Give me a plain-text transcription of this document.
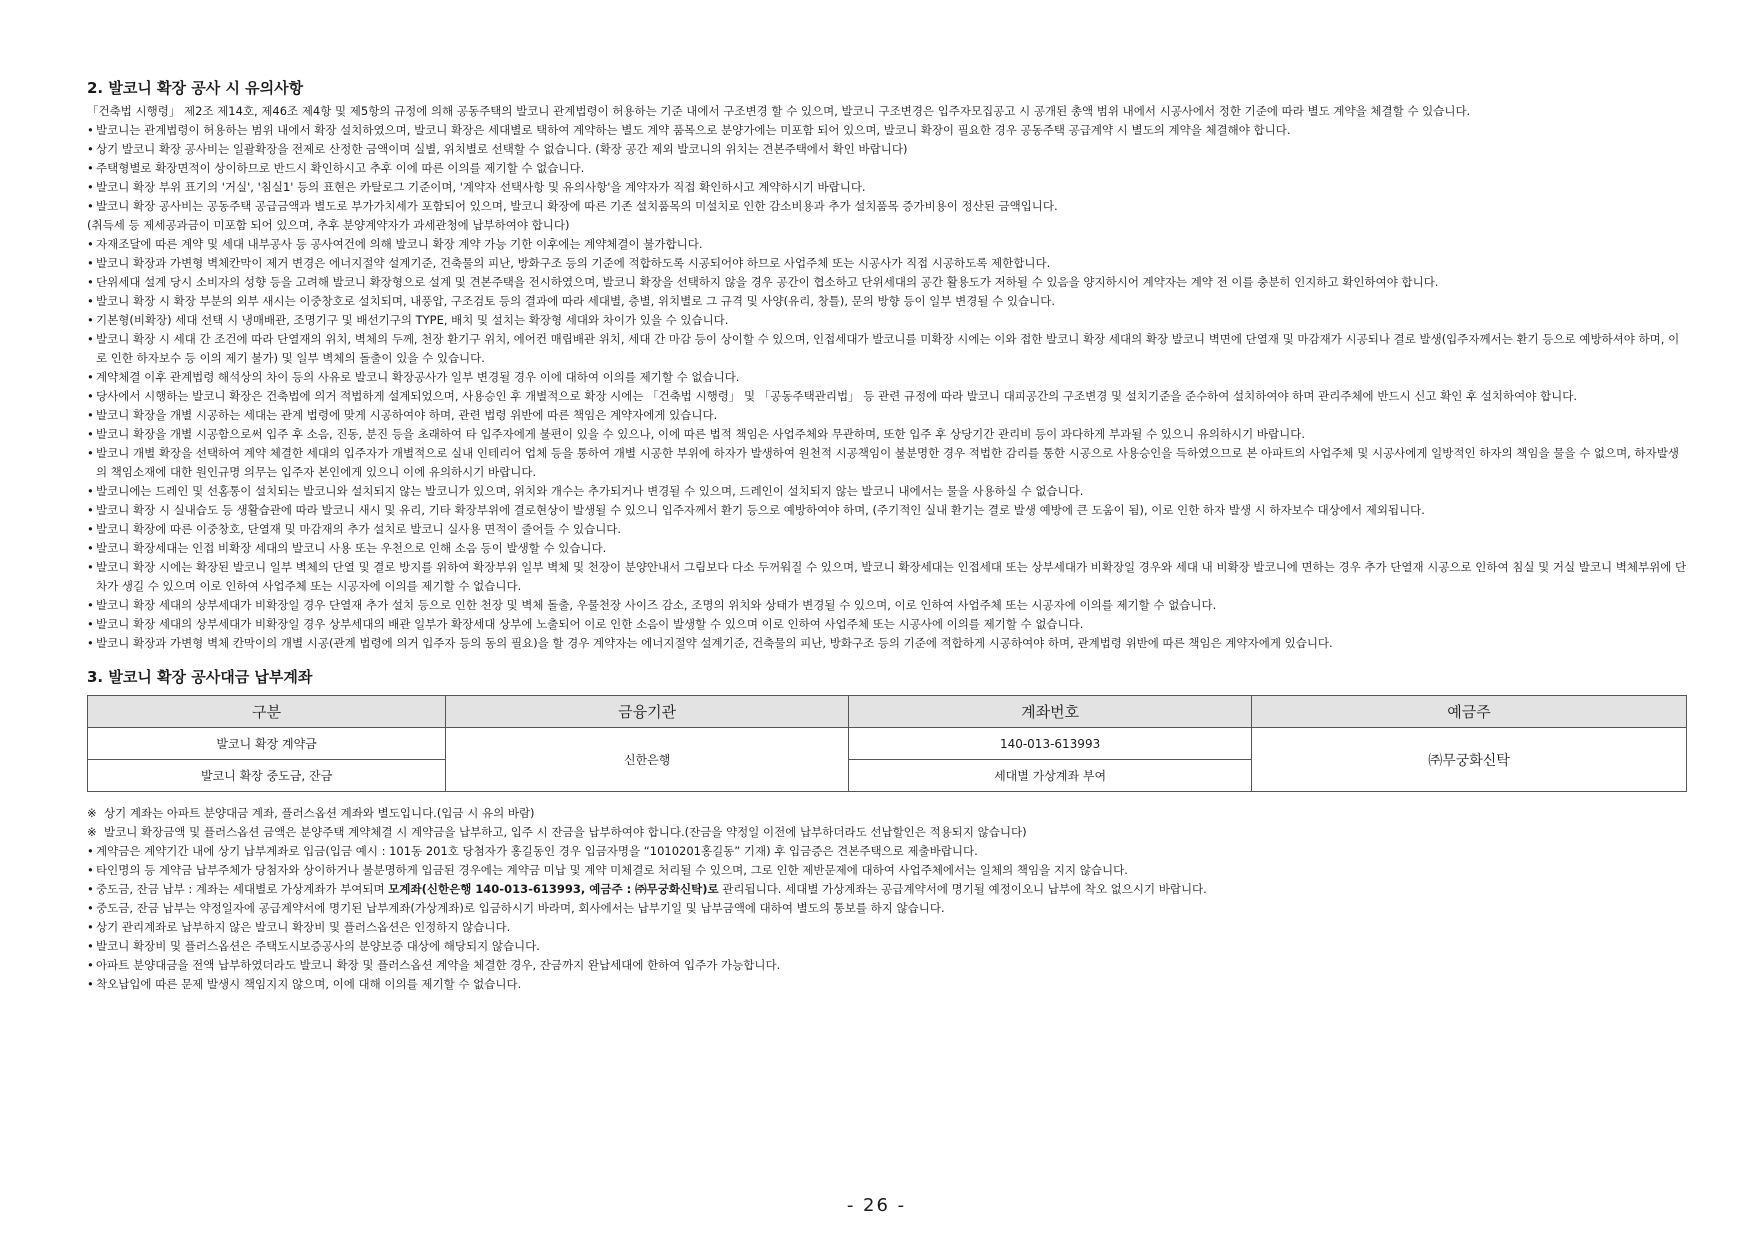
2. 발코니 확장 공사 시 유의사항

「건축법 시행령」 제2조 제14호, 제46조 제4항 및 제5항의 규정에 의해 공동주택의 발코니 관계법령이 허용하는 기준 내에서 구조변경 할 수 있으며, 발코니 구조변경은 입주자모집공고 시 공개된 총액 범위 내에서 시공사에서 정한 기준에 따라 별도 계약을 체결할 수 있습니다.

• 발코니는 관계법령이 허용하는 범위 내에서 확장 설치하였으며, 발코니 확장은 세대별로 택하여 계약하는 별도 계약 품목으로 분양가에는 미포함 되어 있으며, 발코니 확장이 필요한 경우 공동주택 공급계약 시 별도의 계약을 체결해야 합니다.
• 상기 발코니 확장 공사비는 일괄확장을 전제로 산정한 금액이며 실별, 위치별로 선택할 수 없습니다. (확장 공간 제외 발코니의 위치는 견본주택에서 확인 바랍니다)
• 주택형별로 확장면적이 상이하므로 반드시 확인하시고 추후 이에 따른 이의를 제기할 수 없습니다.
• 발코니 확장 부위 표기의 '거실', '침실1' 등의 표현은 카탈로그 기준이며, '계약자 선택사항 및 유의사항'을 계약자가 직접 확인하시고 계약하시기 바랍니다.
• 발코니 확장 공사비는 공동주택 공급금액과 별도로 부가가치세가 포함되어 있으며, 발코니 확장에 따른 기존 설치품목의 미설치로 인한 감소비용과 추가 설치품목 증가비용이 정산된 금액입니다.
(취득세 등 제세공과금이 미포함 되어 있으며, 추후 분양계약자가 과세관청에 납부하여야 합니다)
• 자재조달에 따른 계약 및 세대 내부공사 등 공사여건에 의해 발코니 확장 계약 가능 기한 이후에는 계약체결이 불가합니다.
• 발코니 확장과 가변형 벽체칸막이 제거 변경은 에너지절약 설계기준, 건축물의 피난, 방화구조 등의 기준에 적합하도록 시공되어야 하므로 사업주체 또는 시공사가 직접 시공하도록 제한합니다.
• 단위세대 설계 당시 소비자의 성향 등을 고려해 발코니 확장형으로 설계 및 견본주택을 전시하였으며, 발코니 확장을 선택하지 않을 경우 공간이 협소하고 단위세대의 공간 활용도가 저하될 수 있음을 양지하시어 계약자는 계약 전 이를 충분히 인지하고 확인하여야 합니다.
• 발코니 확장 시 확장 부분의 외부 새시는 이중창호로 설치되며, 내풍압, 구조검토 등의 결과에 따라 세대별, 층별, 위치별로 그 규격 및 사양(유리, 창틀), 문의 방향 등이 일부 변경될 수 있습니다.
• 기본형(비확장) 세대 선택 시 냉매배관, 조명기구 및 배선기구의 TYPE, 배치 및 설치는 확장형 세대와 차이가 있을 수 있습니다.
• 발코니 확장 시 세대 간 조건에 따라 단열재의 위치, 벽체의 두께, 천장 환기구 위치, 에어컨 매립배관 위치, 세대 간 마감 등이 상이할 수 있으며, 인접세대가 발코니를 미확장 시에는 이와 접한 발코니 확장 세대의 확장 발코니 벽면에 단열재 및 마감재가 시공되나 결로 발생(입주자께서는 환기 등으로 예방하셔야 하며, 이로 인한 하자보수 등 이의 제기 불가) 및 일부 벽체의 돌출이 있을 수 있습니다.
• 계약체결 이후 관계법령 해석상의 차이 등의 사유로 발코니 확장공사가 일부 변경될 경우 이에 대하여 이의를 제기할 수 없습니다.
• 당사에서 시행하는 발코니 확장은 건축법에 의거 적법하게 설계되었으며, 사용승인 후 개별적으로 확장 시에는 「건축법 시행령」 및 「공동주택관리법」 등 관련 규정에 따라 발코니 대피공간의 구조변경 및 설치기준을 준수하여 설치하여야 하며 관리주체에 반드시 신고 확인 후 설치하여야 합니다.
• 발코니 확장을 개별 시공하는 세대는 관계 법령에 맞게 시공하여야 하며, 관련 법령 위반에 따른 책임은 계약자에게 있습니다.
• 발코니 확장을 개별 시공함으로써 입주 후 소음, 진동, 분진 등을 초래하여 타 입주자에게 불편이 있을 수 있으나, 이에 따른 법적 책임은 사업주체와 무관하며, 또한 입주 후 상당기간 관리비 등이 과다하게 부과될 수 있으니 유의하시기 바랍니다.
• 발코니 개별 확장을 선택하여 계약 체결한 세대의 입주자가 개별적으로 실내 인테리어 업체 등을 통하여 개별 시공한 부위에 하자가 발생하여 원천적 시공책임이 불분명한 경우 적법한 감리를 통한 시공으로 사용승인을 득하였으므로 본 아파트의 사업주체 및 시공사에게 일방적인 하자의 책임을 물을 수 없으며, 하자발생의 책임소재에 대한 원인규명 의무는 입주자 본인에게 있으니 이에 유의하시기 바랍니다.
• 발코니에는 드레인 및 선홈통이 설치되는 발코니와 설치되지 않는 발코니가 있으며, 위치와 개수는 추가되거나 변경될 수 있으며, 드레인이 설치되지 않는 발코니 내에서는 물을 사용하실 수 없습니다.
• 발코니 확장 시 실내습도 등 생활습관에 따라 발코니 새시 및 유리, 기타 확장부위에 결로현상이 발생될 수 있으니 입주자께서 환기 등으로 예방하여야 하며, (주기적인 실내 환기는 결로 발생 예방에 큰 도움이 됨), 이로 인한 하자 발생 시 하자보수 대상에서 제외됩니다.
• 발코니 확장에 따른 이중창호, 단열재 및 마감재의 추가 설치로 발코니 실사용 면적이 줄어들 수 있습니다.
• 발코니 확장세대는 인접 비확장 세대의 발코니 사용 또는 우천으로 인해 소음 등이 발생할 수 있습니다.
• 발코니 확장 시에는 확장된 발코니 일부 벽체의 단열 및 결로 방지를 위하여 확장부위 일부 벽체 및 천장이 분양안내서 그림보다 다소 두꺼워질 수 있으며, 발코니 확장세대는 인접세대 또는 상부세대가 비확장일 경우와 세대 내 비확장 발코니에 면하는 경우 추가 단열재 시공으로 인하여 침실 및 거실 발코니 벽체부위에 단차가 생길 수 있으며 이로 인하여 사업주체 또는 시공자에 이의를 제기할 수 없습니다.
• 발코니 확장 세대의 상부세대가 비확장일 경우 단열재 추가 설치 등으로 인한 천장 및 벽체 돌출, 우물천장 사이즈 감소, 조명의 위치와 상태가 변경될 수 있으며, 이로 인하여 사업주체 또는 시공자에 이의를 제기할 수 없습니다.
• 발코니 확장 세대의 상부세대가 비확장일 경우 상부세대의 배관 일부가 확장세대 상부에 노출되어 이로 인한 소음이 발생할 수 있으며 이로 인하여 사업주체 또는 시공사에 이의를 제기할 수 없습니다.
• 발코니 확장과 가변형 벽체 칸막이의 개별 시공(관계 법령에 의거 입주자 등의 동의 필요)을 할 경우 계약자는 에너지절약 설계기준, 건축물의 피난, 방화구조 등의 기준에 적합하게 시공하여야 하며, 관계법령 위반에 따른 책임은 계약자에게 있습니다.
3. 발코니 확장 공사대금 납부계좌
구분	금융기관	계좌번호	예금주
발코니 확장 계약금	신한은행	140-013-613993	㈜무궁화신탁
발코니 확장 중도금, 잔금		세대별 가상계좌 부여	
※ 상기 계좌는 아파트 분양대금 계좌, 플러스옵션 계좌와 별도입니다.(입금 시 유의 바람)
※ 발코니 확장금액 및 플러스옵션 금액은 분양주택 계약체결 시 계약금을 납부하고, 입주 시 잔금을 납부하여야 합니다.(잔금을 약정일 이전에 납부하더라도 선납할인은 적용되지 않습니다)
• 계약금은 계약기간 내에 상기 납부계좌로 입금(입금 예시 : 101동 201호 당첨자가 홍길동인 경우 입금자명을 “1010201홍길동” 기재) 후 입금증은 견본주택으로 제출바랍니다.
• 타인명의 등 계약금 납부주체가 당첨자와 상이하거나 불분명하게 입금된 경우에는 계약금 미납 및 계약 미체결로 처리될 수 있으며, 그로 인한 제반문제에 대하여 사업주체에서는 일체의 책임을 지지 않습니다.
• 중도금, 잔금 납부 : 계좌는 세대별로 가상계좌가 부여되며 모계좌(신한은행 140-013-613993, 예금주 : ㈜무궁화신탁)로 관리됩니다. 세대별 가상계좌는 공급계약서에 명기될 예정이오니 납부에 착오 없으시기 바랍니다.
• 중도금, 잔금 납부는 약정일자에 공급계약서에 명기된 납부계좌(가상계좌)로 입금하시기 바라며, 회사에서는 납부기일 및 납부금액에 대하여 별도의 통보를 하지 않습니다.
• 상기 관리계좌로 납부하지 않은 발코니 확장비 및 플러스옵션은 인정하지 않습니다.
• 발코니 확장비 및 플러스옵션은 주택도시보증공사의 분양보증 대상에 해당되지 않습니다.
• 아파트 분양대금을 전액 납부하였더라도 발코니 확장 및 플러스옵션 계약을 체결한 경우, 잔금까지 완납세대에 한하여 입주가 가능합니다.
• 착오납입에 따른 문제 발생시 책임지지 않으며, 이에 대해 이의를 제기할 수 없습니다.
- 26 -
